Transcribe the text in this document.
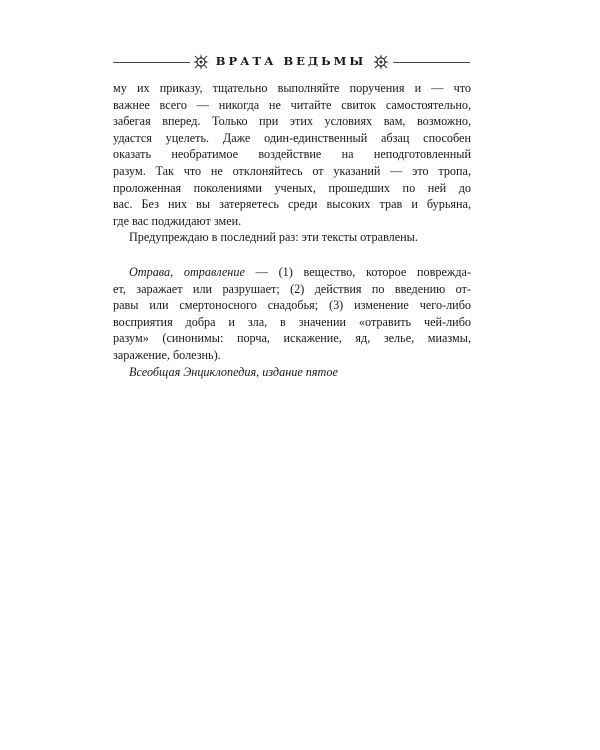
ВРАТА ВЕДЬМЫ
му их приказу, тщательно выполняйте поручения и — что
важнее всего — никогда не читайте свиток самостоятельно,
забегая вперед. Только при этих условиях вам, возможно,
удастся уцелеть. Даже один-единственный абзац способен
оказать необратимое воздействие на неподготовленный
разум. Так что не отклоняйтесь от указаний — это тропа,
проложенная поколениями ученых, прошедших по ней до
вас. Без них вы затеряетесь среди высоких трав и бурьяна,
где вас поджидают змеи.
Предупреждаю в последний раз: эти тексты отравлены.
Отрава, отравление — (1) вещество, которое поврежда-
ет, заражает или разрушает; (2) действия по введению от-
равы или смертоносного снадобья; (3) изменение чего-либо
восприятия добра и зла, в значении «отравить чей-либо
разум» (синонимы: порча, искажение, яд, зелье, миазмы,
заражение, болезнь).
Всеобщая Энциклопедия, издание пятое
